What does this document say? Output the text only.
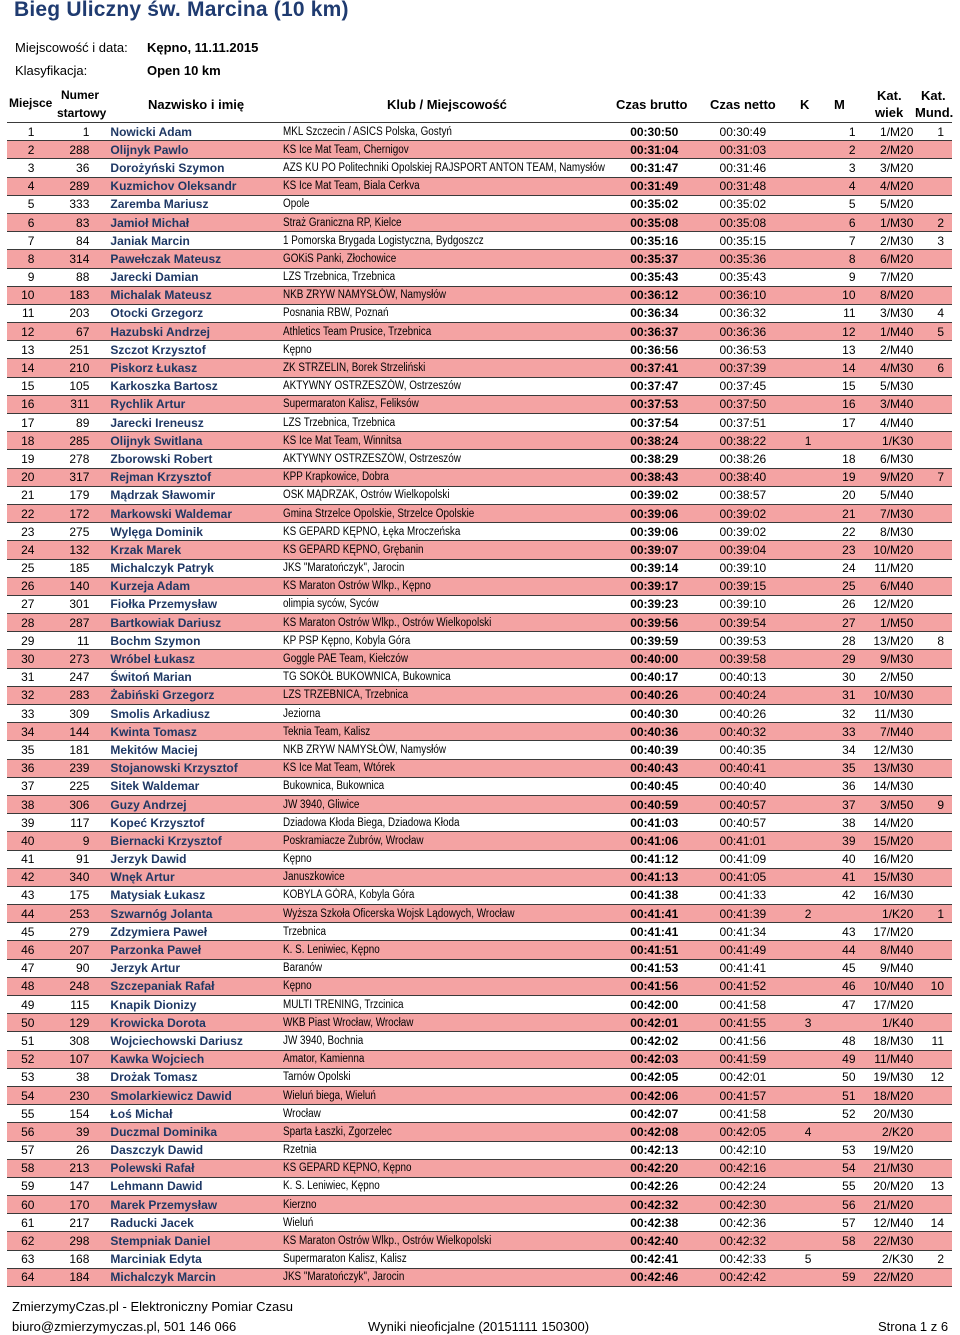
Bieg Uliczny św. Marcina (10 km)
Miejscowość i data: Kępno, 11.11.2015
Klasyfikacja:	Open 10 km
Miejsce
Numer
startowy
Nazwisko i imię	Klub / Miejscowość	Czas brutto Czas netto K M
Kat.
wiek
Kat.
Mund.
1	1	Nowicki Adam	MKL Szczecin / ASICS Polska, Gostyń	00:30:50	00:30:49		1	1/M20	1
2	288	Olijnyk Pawlo	KS Ice Mat Team, Chernigov	00:31:04	00:31:03		2	2/M20	
3	36	Dorożyński Szymon	AZS KU PO Politechniki Opolskiej RAJSPORT ANTON TEAM, Namysłów	00:31:47	00:31:46		3	3/M20	
4	289	Kuzmichov Oleksandr	KS Ice Mat Team, Biala Cerkva	00:31:49	00:31:48		4	4/M20	
5	333	Zaremba Mariusz	Opole	00:35:02	00:35:02		5	5/M20	
6	83	Jamioł Michał	Straż Graniczna RP, Kielce	00:35:08	00:35:08		6	1/M30	2
7	84	Janiak Marcin	1 Pomorska Brygada Logistyczna, Bydgoszcz	00:35:16	00:35:15		7	2/M30	3
8	314	Pawełczak Mateusz	GOKiS Panki, Złochowice	00:35:37	00:35:36		8	6/M20	
9	88	Jarecki Damian	LZS Trzebnica, Trzebnica	00:35:43	00:35:43		9	7/M20	
10	183	Michalak Mateusz	NKB ZRYW NAMYSŁÓW, Namysłów	00:36:12	00:36:10		10	8/M20	
11	203	Otocki Grzegorz	Posnania RBW, Poznań	00:36:34	00:36:32		11	3/M30	4
12	67	Hazubski Andrzej	Athletics Team Prusice, Trzebnica	00:36:37	00:36:36		12	1/M40	5
13	251	Szczot Krzysztof	Kępno	00:36:56	00:36:53		13	2/M40	
14	210	Piskorz Łukasz	ZK STRZELIN, Borek Strzeliński	00:37:41	00:37:39		14	4/M30	6
15	105	Karkoszka Bartosz	AKTYWNY OSTRZESZÓW, Ostrzeszów	00:37:47	00:37:45		15	5/M30	
16	311	Rychlik Artur	Supermaraton Kalisz, Feliksów	00:37:53	00:37:50		16	3/M40	
17	89	Jarecki Ireneusz	LZS Trzebnica, Trzebnica	00:37:54	00:37:51		17	4/M40	
18	285	Olijnyk Switlana	KS Ice Mat Team, Winnitsa	00:38:24	00:38:22	1		1/K30	
19	278	Zborowski Robert	AKTYWNY OSTRZESZÓW, Ostrzeszów	00:38:29	00:38:26		18	6/M30	
20	317	Rejman Krzysztof	KPP Krapkowice, Dobra	00:38:43	00:38:40		19	9/M20	7
21	179	Mądrzak Sławomir	OSK MĄDRZAK, Ostrów Wielkopolski	00:39:02	00:38:57		20	5/M40	
22	172	Markowski Waldemar	Gmina Strzelce Opolskie, Strzelce Opolskie	00:39:06	00:39:02		21	7/M30	
23	275	Wylęga Dominik	KS GEPARD KĘPNO, Łęka Mroczeńska	00:39:06	00:39:02		22	8/M30	
24	132	Krzak Marek	KS GEPARD KĘPNO, Grębanin	00:39:07	00:39:04		23	10/M20	
25	185	Michalczyk Patryk	JKS "Maratończyk", Jarocin	00:39:14	00:39:10		24	11/M20	
26	140	Kurzeja Adam	KS Maraton Ostrów Wlkp., Kępno	00:39:17	00:39:15		25	6/M40	
27	301	Fiołka Przemysław	olimpia syców, Syców	00:39:23	00:39:10		26	12/M20	
28	287	Bartkowiak Dariusz	KS Maraton Ostrów Wlkp., Ostrów Wielkopolski	00:39:56	00:39:54		27	1/M50	
29	11	Bochm Szymon	KP PSP Kępno, Kobyla Góra	00:39:59	00:39:53		28	13/M20	8
30	273	Wróbel Łukasz	Goggle PAE Team, Kiełczów	00:40:00	00:39:58		29	9/M30	
31	247	Świtoń Marian	TG SOKÓŁ BUKOWNICA, Bukownica	00:40:17	00:40:13		30	2/M50	
32	283	Żabiński Grzegorz	LZS TRZEBNICA, Trzebnica	00:40:26	00:40:24		31	10/M30	
33	309	Smolis Arkadiusz	Jeziorna	00:40:30	00:40:26		32	11/M30	
34	144	Kwinta Tomasz	Teknia Team, Kalisz	00:40:36	00:40:32		33	7/M40	
35	181	Mekitów Maciej	NKB ZRYW NAMYSŁÓW, Namysłów	00:40:39	00:40:35		34	12/M30	
36	239	Stojanowski Krzysztof	KS Ice Mat Team, Wtórek	00:40:43	00:40:41		35	13/M30	
37	225	Sitek Waldemar	Bukownica, Bukownica	00:40:45	00:40:40		36	14/M30	
38	306	Guzy Andrzej	JW 3940, Gliwice	00:40:59	00:40:57		37	3/M50	9
39	117	Kopeć Krzysztof	Dziadowa Kłoda Biega, Dziadowa Kłoda	00:41:03	00:40:57		38	14/M20	
40	9	Biernacki Krzysztof	Poskramiacze Żubrów, Wrocław	00:41:06	00:41:01		39	15/M20	
41	91	Jerzyk Dawid	Kępno	00:41:12	00:41:09		40	16/M20	
42	340	Wnęk Artur	Januszkowice	00:41:13	00:41:05		41	15/M30	
43	175	Matysiak Łukasz	KOBYLA GÓRA, Kobyla Góra	00:41:38	00:41:33		42	16/M30	
44	253	Szwarnóg Jolanta	Wyższa Szkoła Oficerska Wojsk Lądowych, Wrocław	00:41:41	00:41:39	2		1/K20	1
45	279	Zdzymiera Paweł	Trzebnica	00:41:41	00:41:34		43	17/M20	
46	207	Parzonka Paweł	K. S. Leniwiec, Kępno	00:41:51	00:41:49		44	8/M40	
47	90	Jerzyk Artur	Baranów	00:41:53	00:41:41		45	9/M40	
48	248	Szczepaniak Rafał	Kępno	00:41:56	00:41:52		46	10/M40	10
49	115	Knapik Dionizy	MULTI TRENING, Trzcinica	00:42:00	00:41:58		47	17/M20	
50	129	Krowicka Dorota	WKB Piast Wrocław, Wrocław	00:42:01	00:41:55	3		1/K40	
51	308	Wojciechowski Dariusz	JW 3940, Bochnia	00:42:02	00:41:56		48	18/M30	11
52	107	Kawka Wojciech	Amator, Kamienna	00:42:03	00:41:59		49	11/M40	
53	38	Drożak Tomasz	Tarnów Opolski	00:42:05	00:42:01		50	19/M30	12
54	230	Smolarkiewicz Dawid	Wieluń biega, Wieluń	00:42:06	00:41:57		51	18/M20	
55	154	Łoś Michał	Wrocław	00:42:07	00:41:58		52	20/M30	
56	39	Duczmal Dominika	Sparta Łaszki, Zgorzelec	00:42:08	00:42:05	4		2/K20	
57	26	Daszczyk Dawid	Rzetnia	00:42:13	00:42:10		53	19/M20	
58	213	Polewski Rafał	KS GEPARD KĘPNO, Kępno	00:42:20	00:42:16		54	21/M30	
59	147	Lehmann Dawid	K. S. Leniwiec, Kępno	00:42:26	00:42:24		55	20/M20	13
60	170	Marek Przemysław	Kierzno	00:42:32	00:42:30		56	21/M20	
61	217	Raducki Jacek	Wieluń	00:42:38	00:42:36		57	12/M40	14
62	298	Stempniak Daniel	KS Maraton Ostrów Wlkp., Ostrów Wielkopolski	00:42:40	00:42:32		58	22/M30	
63	168	Marciniak Edyta	Supermaraton Kalisz, Kalisz	00:42:41	00:42:33	5		2/K30	2
64	184	Michalczyk Marcin	JKS "Maratończyk", Jarocin	00:42:46	00:42:42		59	22/M20	
ZmierzymyCzas.pl - Elektroniczny Pomiar Czasu
biuro@zmierzymyczas.pl, 501 146 066	Wyniki nieoficjalne (20151111 150300)	Strona 1 z 6
